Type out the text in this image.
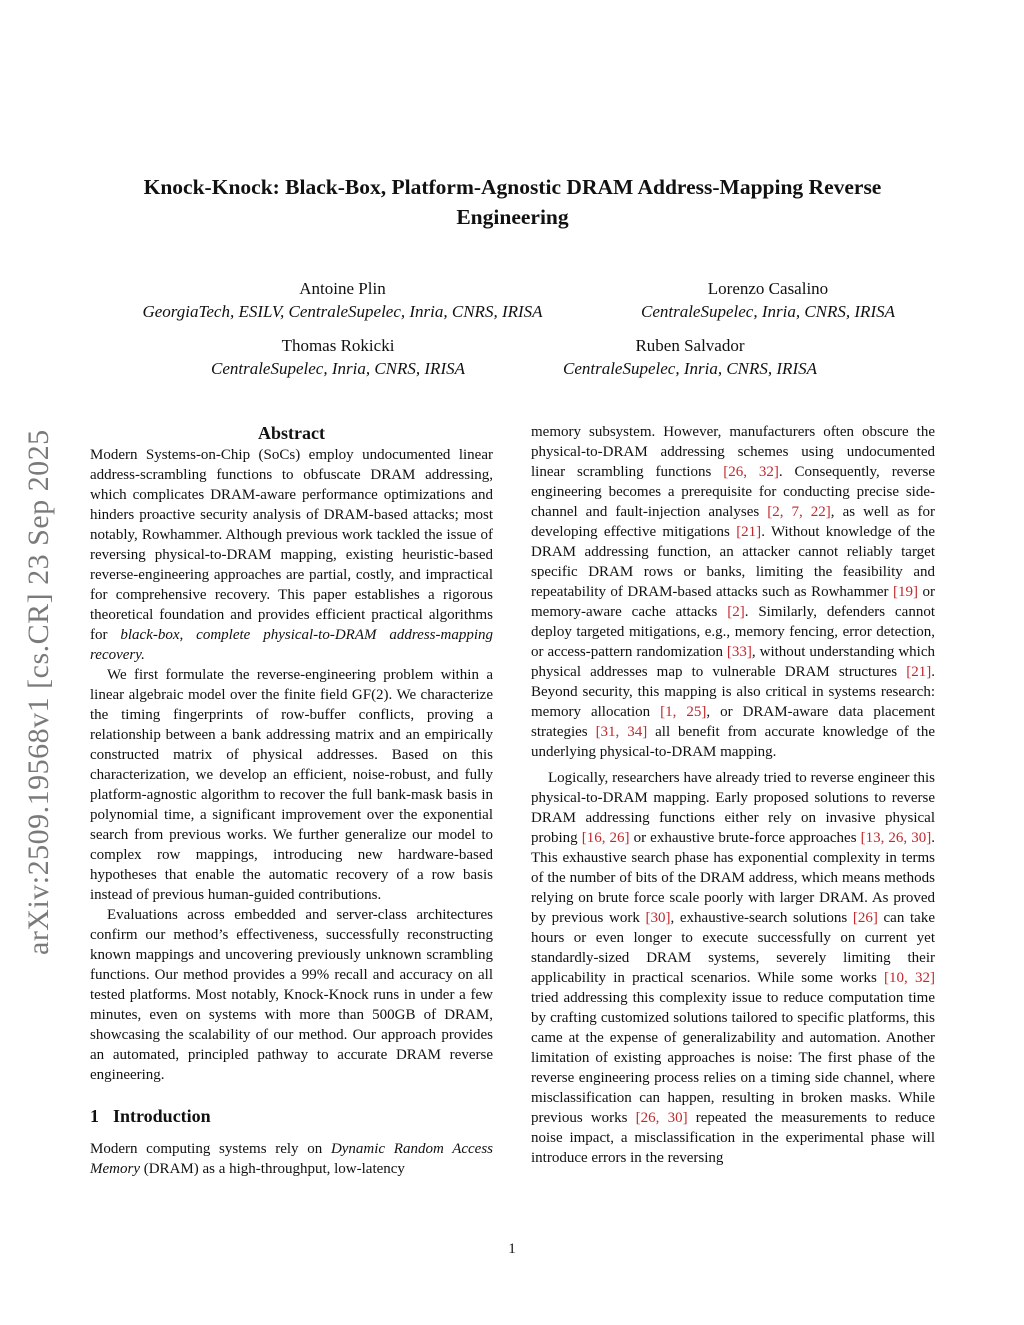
arXiv:2509.19568v1 [cs.CR] 23 Sep 2025
Knock-Knock: Black-Box, Platform-Agnostic DRAM Address-Mapping Reverse Engineering
Antoine Plin
GeorgiaTech, ESILV, CentraleSupelec, Inria, CNRS, IRISA
Lorenzo Casalino
CentraleSupelec, Inria, CNRS, IRISA
Thomas Rokicki
CentraleSupelec, Inria, CNRS, IRISA
Ruben Salvador
CentraleSupelec, Inria, CNRS, IRISA
Abstract

Modern Systems-on-Chip (SoCs) employ undocumented linear address-scrambling functions to obfuscate DRAM addressing, which complicates DRAM-aware performance optimizations and hinders proactive security analysis of DRAM-based attacks; most notably, Rowhammer. Although previous work tackled the issue of reversing physical-to-DRAM mapping, existing heuristic-based reverse-engineering approaches are partial, costly, and impractical for comprehensive recovery. This paper establishes a rigorous theoretical foundation and provides efficient practical algorithms for black-box, complete physical-to-DRAM address-mapping recovery.

We first formulate the reverse-engineering problem within a linear algebraic model over the finite field GF(2). We characterize the timing fingerprints of row-buffer conflicts, proving a relationship between a bank addressing matrix and an empirically constructed matrix of physical addresses. Based on this characterization, we develop an efficient, noise-robust, and fully platform-agnostic algorithm to recover the full bank-mask basis in polynomial time, a significant improvement over the exponential search from previous works. We further generalize our model to complex row mappings, introducing new hardware-based hypotheses that enable the automatic recovery of a row basis instead of previous human-guided contributions.

Evaluations across embedded and server-class architectures confirm our method’s effectiveness, successfully reconstructing known mappings and uncovering previously unknown scrambling functions. Our method provides a 99% recall and accuracy on all tested platforms. Most notably, Knock-Knock runs in under a few minutes, even on systems with more than 500GB of DRAM, showcasing the scalability of our method. Our approach provides an automated, principled pathway to accurate DRAM reverse engineering.

1 Introduction

Modern computing systems rely on Dynamic Random Access Memory (DRAM) as a high-throughput, low-latency

memory subsystem. However, manufacturers often obscure the physical-to-DRAM addressing schemes using undocumented linear scrambling functions [26, 32]. Consequently, reverse engineering becomes a prerequisite for conducting precise side-channel and fault-injection analyses [2, 7, 22], as well as for developing effective mitigations [21]. Without knowledge of the DRAM addressing function, an attacker cannot reliably target specific DRAM rows or banks, limiting the feasibility and repeatability of DRAM-based attacks such as Rowhammer [19] or memory-aware cache attacks [2]. Similarly, defenders cannot deploy targeted mitigations, e.g., memory fencing, error detection, or access-pattern randomization [33], without understanding which physical addresses map to vulnerable DRAM structures [21]. Beyond security, this mapping is also critical in systems research: memory allocation [1, 25], or DRAM-aware data placement strategies [31, 34] all benefit from accurate knowledge of the underlying physical-to-DRAM mapping.

Logically, researchers have already tried to reverse engineer this physical-to-DRAM mapping. Early proposed solutions to reverse DRAM addressing functions either rely on invasive physical probing [16, 26] or exhaustive brute-force approaches [13, 26, 30]. This exhaustive search phase has exponential complexity in terms of the number of bits of the DRAM address, which means methods relying on brute force scale poorly with larger DRAM. As proved by previous work [30], exhaustive-search solutions [26] can take hours or even longer to execute successfully on current yet standardly-sized DRAM systems, severely limiting their applicability in practical scenarios. While some works [10, 32] tried addressing this complexity issue to reduce computation time by crafting customized solutions tailored to specific platforms, this came at the expense of generalizability and automation. Another limitation of existing approaches is noise: The first phase of the reverse engineering process relies on a timing side channel, where misclassification can happen, resulting in broken masks. While previous works [26, 30] repeated the measurements to reduce noise impact, a misclassification in the experimental phase will introduce errors in the reversing

1
